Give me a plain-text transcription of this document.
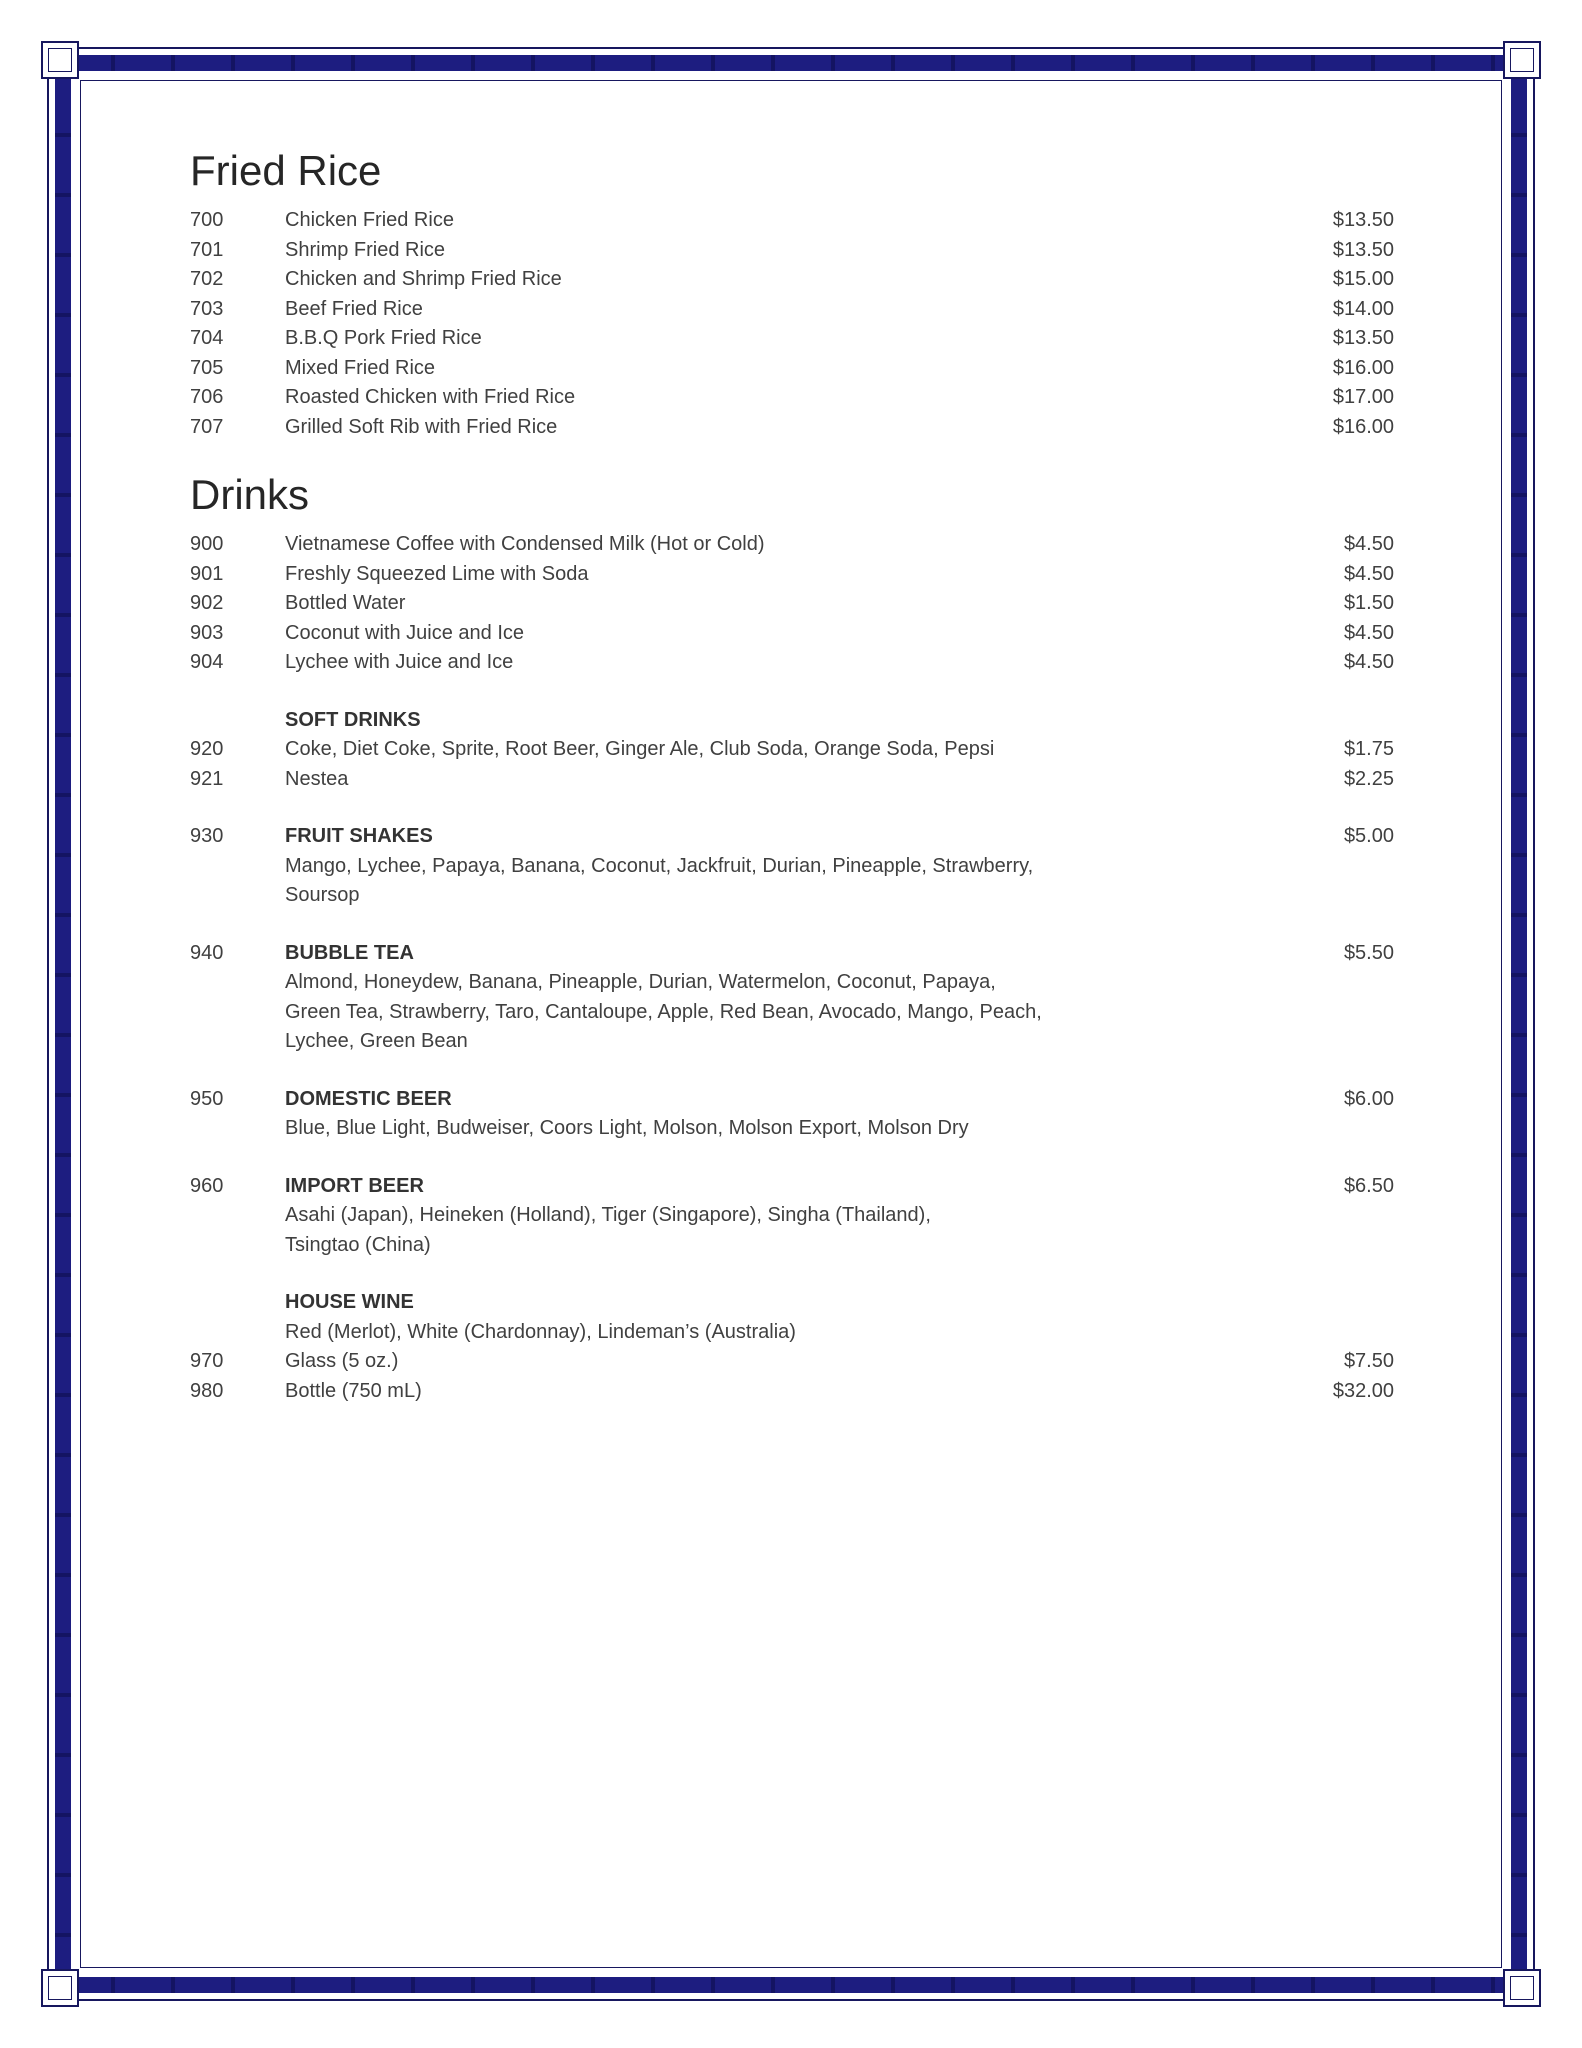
Fried Rice
700	Chicken Fried Rice	$13.50
701	Shrimp Fried Rice	$13.50
702	Chicken and Shrimp Fried Rice	$15.00
703	Beef Fried Rice	$14.00
704	B.B.Q Pork Fried Rice	$13.50
705	Mixed Fried Rice	$16.00
706	Roasted Chicken with Fried Rice	$17.00
707	Grilled Soft Rib with Fried Rice	$16.00
Drinks
900	Vietnamese Coffee with Condensed Milk (Hot or Cold)	$4.50
901	Freshly Squeezed Lime with Soda	$4.50
902	Bottled Water	$1.50
903	Coconut with Juice and Ice	$4.50
904	Lychee with Juice and Ice	$4.50
SOFT DRINKS
920	Coke, Diet Coke, Sprite, Root Beer, Ginger Ale, Club Soda, Orange Soda, Pepsi	$1.75
921	Nestea	$2.25
930	FRUIT SHAKES	$5.00
Mango, Lychee, Papaya, Banana, Coconut, Jackfruit, Durian, Pineapple, Strawberry,
Soursop
940	BUBBLE TEA	$5.50
Almond, Honeydew, Banana, Pineapple, Durian, Watermelon, Coconut, Papaya,
Green Tea, Strawberry, Taro, Cantaloupe, Apple, Red Bean, Avocado, Mango, Peach,
Lychee, Green Bean
950	DOMESTIC BEER	$6.00
Blue, Blue Light, Budweiser, Coors Light, Molson, Molson Export, Molson Dry
960	IMPORT BEER	$6.50
Asahi (Japan), Heineken (Holland), Tiger (Singapore), Singha (Thailand),
Tsingtao (China)
HOUSE WINE
Red (Merlot), White (Chardonnay), Lindeman’s (Australia)
970	Glass (5 oz.)	$7.50
980	Bottle (750 mL)	$32.00
